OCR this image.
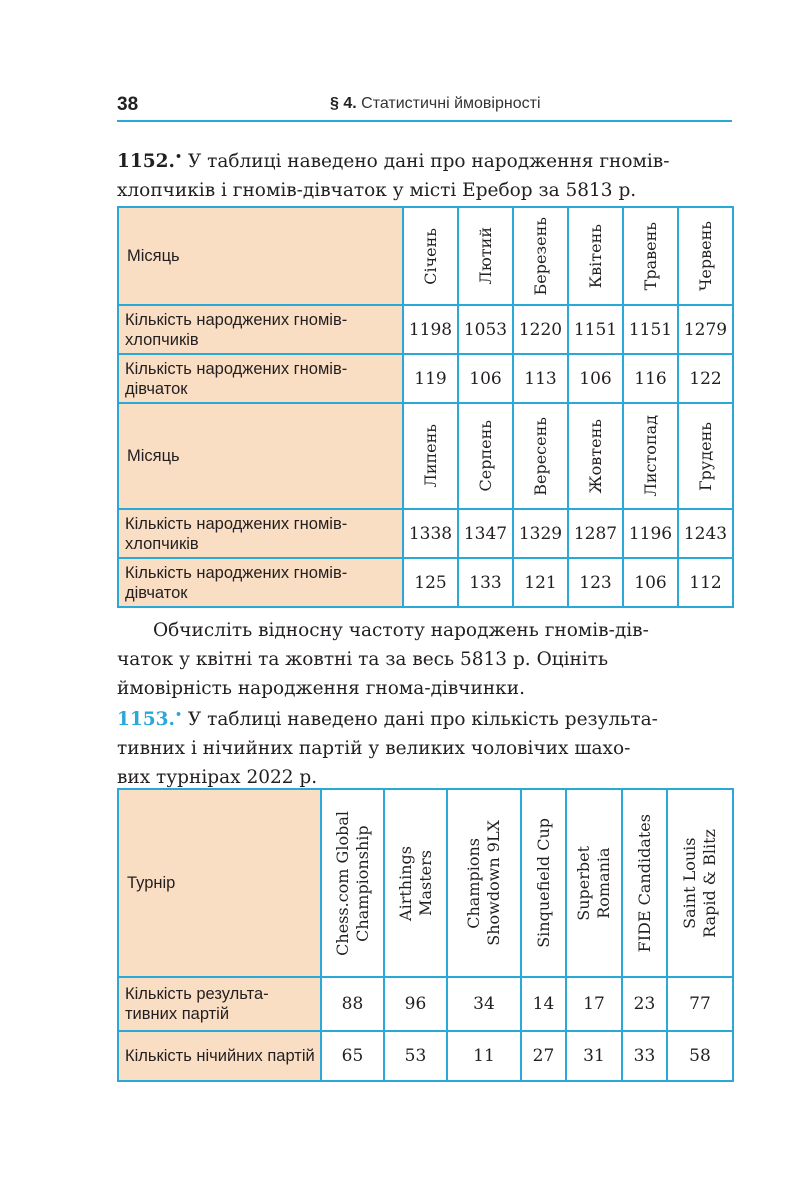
38	§ 4. Статистичні ймовірності
1152.• У таблиці наведено дані про народження гномів-
хлопчиків і гномів-дівчаток у місті Еребор за 5813 р.
Місяць	Січень	Лютий	Березень	Квітень	Травень	Червень

Кількість народжених гномів-хлопчиків	1198	1053	1220	1151	1151	1279
Кількість народжених гномів-дівчаток	119	106	113	106	116	122
Місяць	Липень	Серпень	Вересень	Жовтень	Листопад	Грудень

Кількість народжених гномів-хлопчиків	1338	1347	1329	1287	1196	1243
Кількість народжених гномів-дівчаток	125	133	121	123	106	112
Обчисліть відносну частоту народжень гномів-дів-
чаток у квітні та жовтні та за весь 5813 р. Оцініть
ймовірність народження гнома-дівчинки.
1153.• У таблиці наведено дані про кількість результа-
тивних і нічийних партій у великих чоловічих шахо-
вих турнірах 2022 р.
Турнір	Chess.com Global Championship	Airthings Masters	Champions Showdown 9LX	Sinquefield Cup	Superbet Romania	FIDE Candidates	Saint Louis Rapid & Blitz

Кількість результа-тивних партій	88	96	34	14	17	23	77
Кількість нічийних партій	65	53	11	27	31	33	58
